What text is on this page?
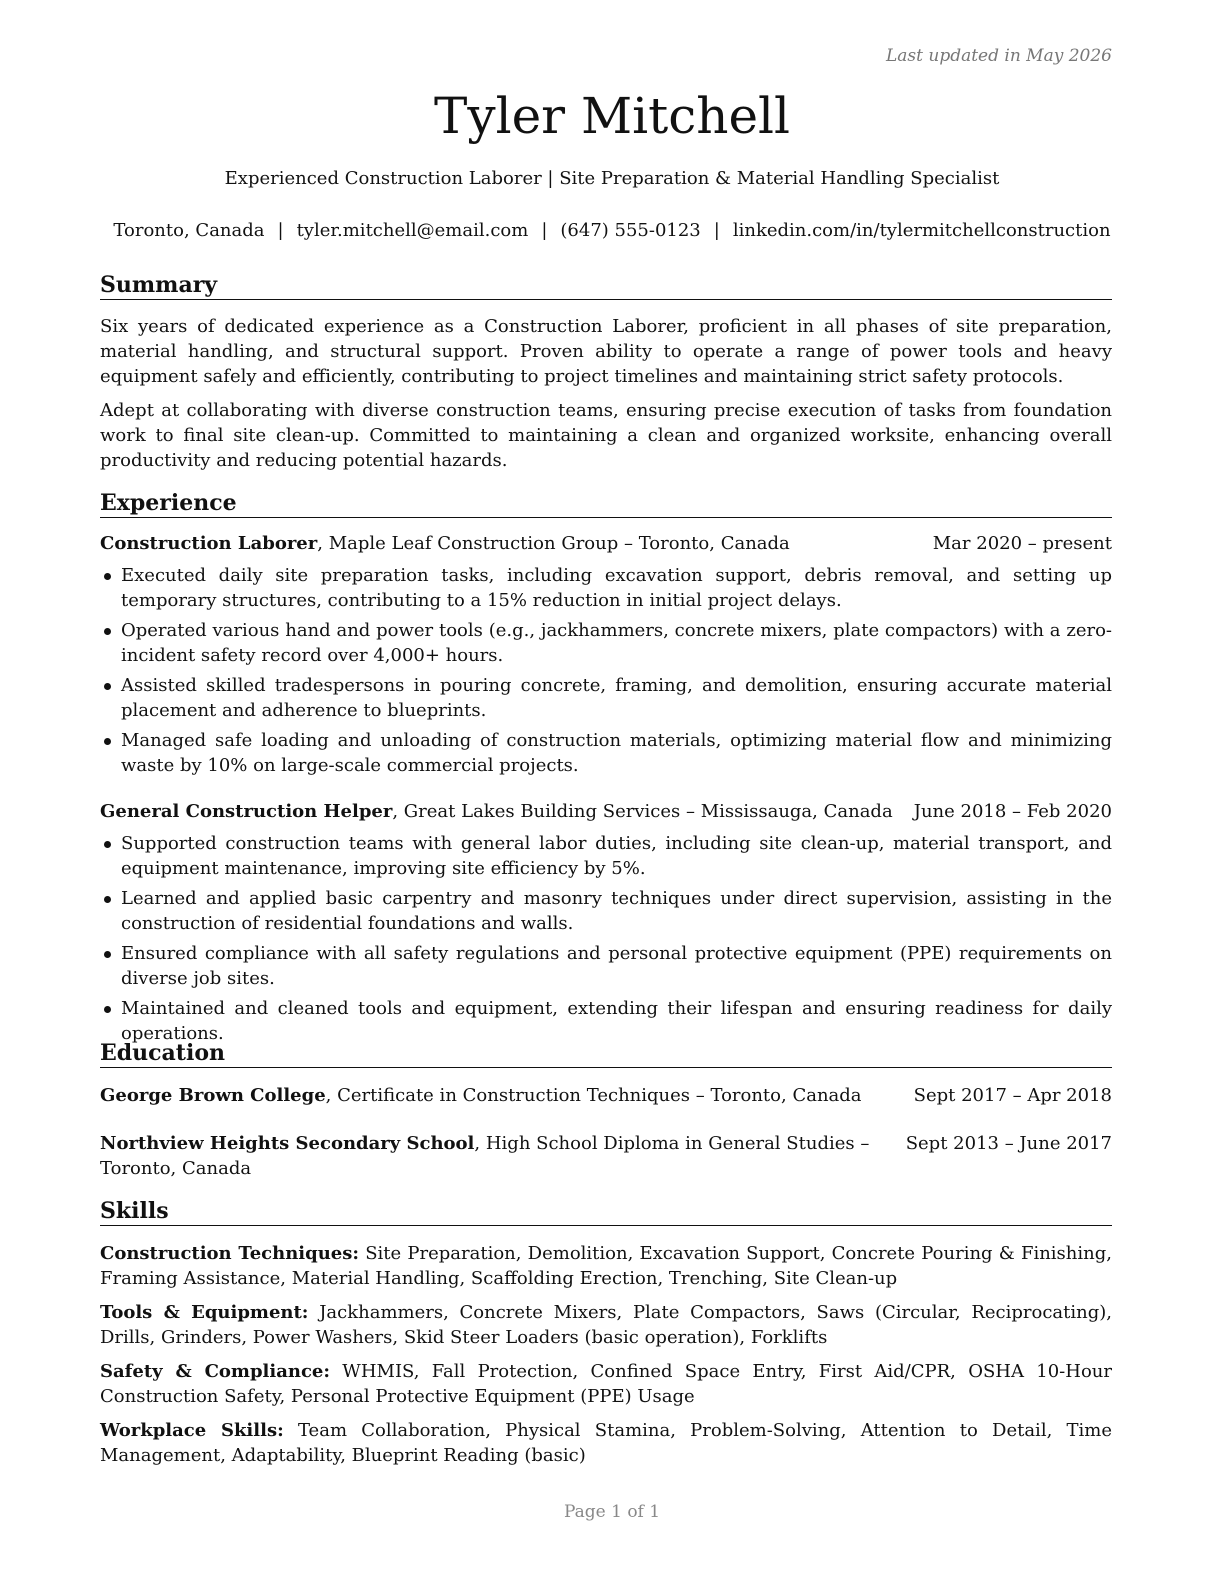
Last updated in May 2026
Tyler Mitchell
Experienced Construction Laborer | Site Preparation & Material Handling Specialist
Toronto, Canada | tyler.mitchell@email.com | (647) 555-0123 | linkedin.com/in/tylermitchellconstruction
Summary

Six years of dedicated experience as a Construction Laborer, proficient in all phases of site preparation, material handling, and structural support. Proven ability to operate a range of power tools and heavy equipment safely and efficiently, contributing to project timelines and maintaining strict safety protocols.

Adept at collaborating with diverse construction teams, ensuring precise execution of tasks from foundation work to final site clean-up. Committed to maintaining a clean and organized worksite, enhancing overall productivity and reducing potential hazards.

Experience
Construction Laborer, Maple Leaf Construction Group – Toronto, Canada	Mar 2020 – present
Executed daily site preparation tasks, including excavation support, debris removal, and setting up temporary structures, contributing to a 15% reduction in initial project delays.
Operated various hand and power tools (e.g., jackhammers, concrete mixers, plate compactors) with a zero-incident safety record over 4,000+ hours.
Assisted skilled tradespersons in pouring concrete, framing, and demolition, ensuring accurate material placement and adherence to blueprints.
Managed safe loading and unloading of construction materials, optimizing material flow and minimizing waste by 10% on large-scale commercial projects.
General Construction Helper, Great Lakes Building Services – Mississauga, Canada June 2018 – Feb 2020
Supported construction teams with general labor duties, including site clean-up, material transport, and equipment maintenance, improving site efficiency by 5%.
Learned and applied basic carpentry and masonry techniques under direct supervision, assisting in the construction of residential foundations and walls.
Ensured compliance with all safety regulations and personal protective equipment (PPE) requirements on diverse job sites.
Maintained and cleaned tools and equipment, extending their lifespan and ensuring readiness for daily operations.
Education
George Brown College, Certificate in Construction Techniques – Toronto, Canada	Sept 2017 – Apr 2018
Northview Heights Secondary School, High School Diploma in General Studies – Toronto, Canada
Sept 2013 – June 2017
Skills

Construction Techniques: Site Preparation, Demolition, Excavation Support, Concrete Pouring & Finishing, Framing Assistance, Material Handling, Scaffolding Erection, Trenching, Site Clean-up

Tools & Equipment: Jackhammers, Concrete Mixers, Plate Compactors, Saws (Circular, Reciprocating), Drills, Grinders, Power Washers, Skid Steer Loaders (basic operation), Forklifts

Safety & Compliance: WHMIS, Fall Protection, Confined Space Entry, First Aid/CPR, OSHA 10-Hour Construction Safety, Personal Protective Equipment (PPE) Usage

Workplace Skills: Team Collaboration, Physical Stamina, Problem-Solving, Attention to Detail, Time Management, Adaptability, Blueprint Reading (basic)

Page 1 of 1
